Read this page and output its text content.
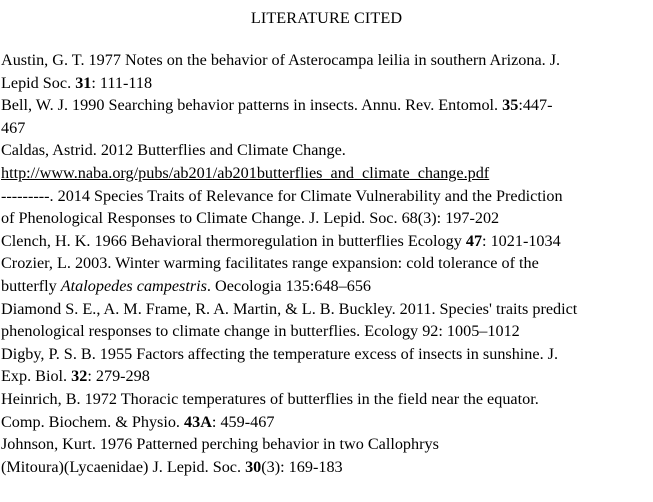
LITERATURE CITED

Austin, G. T. 1977 Notes on the behavior of Asterocampa leilia in southern Arizona. J.
Lepid Soc. 31: 111-118

Bell, W. J. 1990 Searching behavior patterns in insects. Annu. Rev. Entomol. 35:447-
467

Caldas, Astrid. 2012 Butterflies and Climate Change.
http://www.naba.org/pubs/ab201/ab201butterflies_and_climate_change.pdf

---------. 2014 Species Traits of Relevance for Climate Vulnerability and the Prediction
of Phenological Responses to Climate Change. J. Lepid. Soc. 68(3): 197-202

Clench, H. K. 1966 Behavioral thermoregulation in butterflies Ecology 47: 1021-1034

Crozier, L. 2003. Winter warming facilitates range expansion: cold tolerance of the
butterfly Atalopedes campestris. Oecologia 135:648–656

Diamond S. E., A. M. Frame, R. A. Martin, & L. B. Buckley. 2011. Species' traits predict
phenological responses to climate change in butterflies. Ecology 92: 1005–1012

Digby, P. S. B. 1955 Factors affecting the temperature excess of insects in sunshine. J.
Exp. Biol. 32: 279-298

Heinrich, B. 1972 Thoracic temperatures of butterflies in the field near the equator.
Comp. Biochem. & Physio. 43A: 459-467

Johnson, Kurt. 1976 Patterned perching behavior in two Callophrys
(Mitoura)(Lycaenidae) J. Lepid. Soc. 30(3): 169-183
